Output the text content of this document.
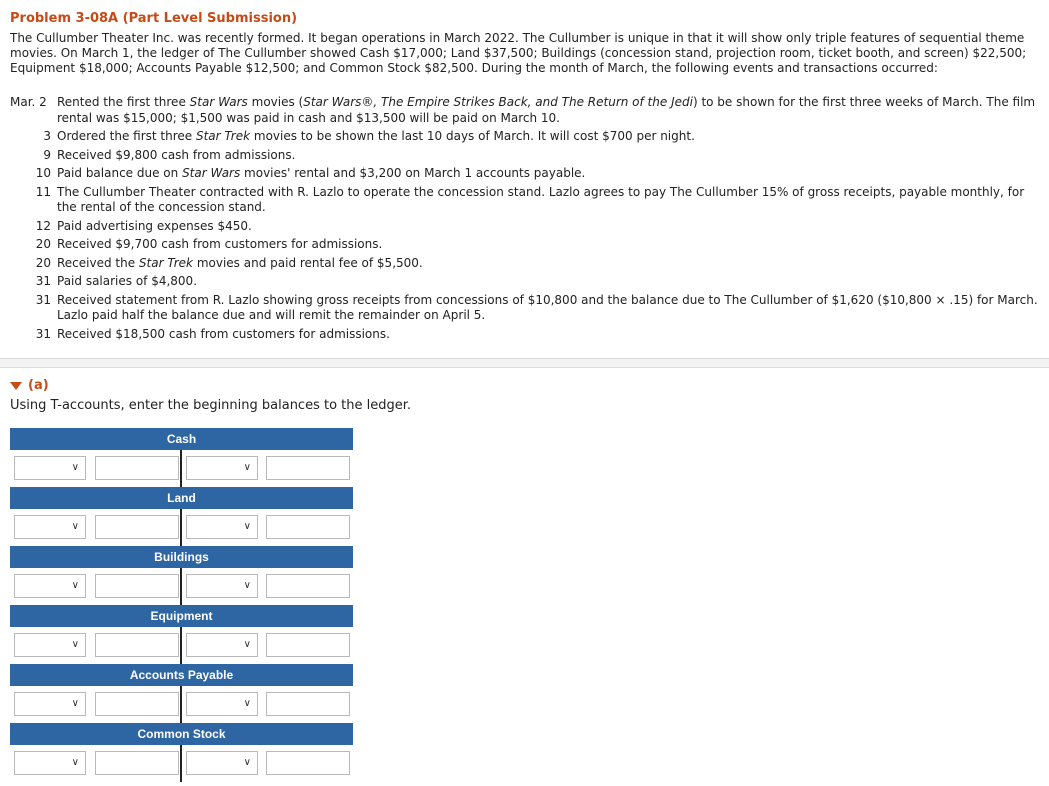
Problem 3-08A (Part Level Submission)
The Cullumber Theater Inc. was recently formed. It began operations in March 2022. The Cullumber is unique in that it will show only triple features of sequential theme movies. On March 1, the ledger of The Cullumber showed Cash $17,000; Land $37,500; Buildings (concession stand, projection room, ticket booth, and screen) $22,500; Equipment $18,000; Accounts Payable $12,500; and Common Stock $82,500. During the month of March, the following events and transactions occurred:
Mar. 2 Rented the first three Star Wars movies (Star Wars®, The Empire Strikes Back, and The Return of the Jedi) to be shown for the first three weeks of March. The film rental was $15,000; $1,500 was paid in cash and $13,500 will be paid on March 10.
3 Ordered the first three Star Trek movies to be shown the last 10 days of March. It will cost $700 per night.
9 Received $9,800 cash from admissions.
10 Paid balance due on Star Wars movies' rental and $3,200 on March 1 accounts payable.
11 The Cullumber Theater contracted with R. Lazlo to operate the concession stand. Lazlo agrees to pay The Cullumber 15% of gross receipts, payable monthly, for the rental of the concession stand.
12 Paid advertising expenses $450.
20 Received $9,700 cash from customers for admissions.
20 Received the Star Trek movies and paid rental fee of $5,500.
31 Paid salaries of $4,800.
31 Received statement from R. Lazlo showing gross receipts from concessions of $10,800 and the balance due to The Cullumber of $1,620 ($10,800 × .15) for March. Lazlo paid half the balance due and will remit the remainder on April 5.
31 Received $18,500 cash from customers for admissions.
(a)
Using T-accounts, enter the beginning balances to the ledger.
Cash
∨	∨
Land
∨	∨
Buildings
∨	∨
Equipment
∨	∨
Accounts Payable
∨	∨
Common Stock
∨	∨
